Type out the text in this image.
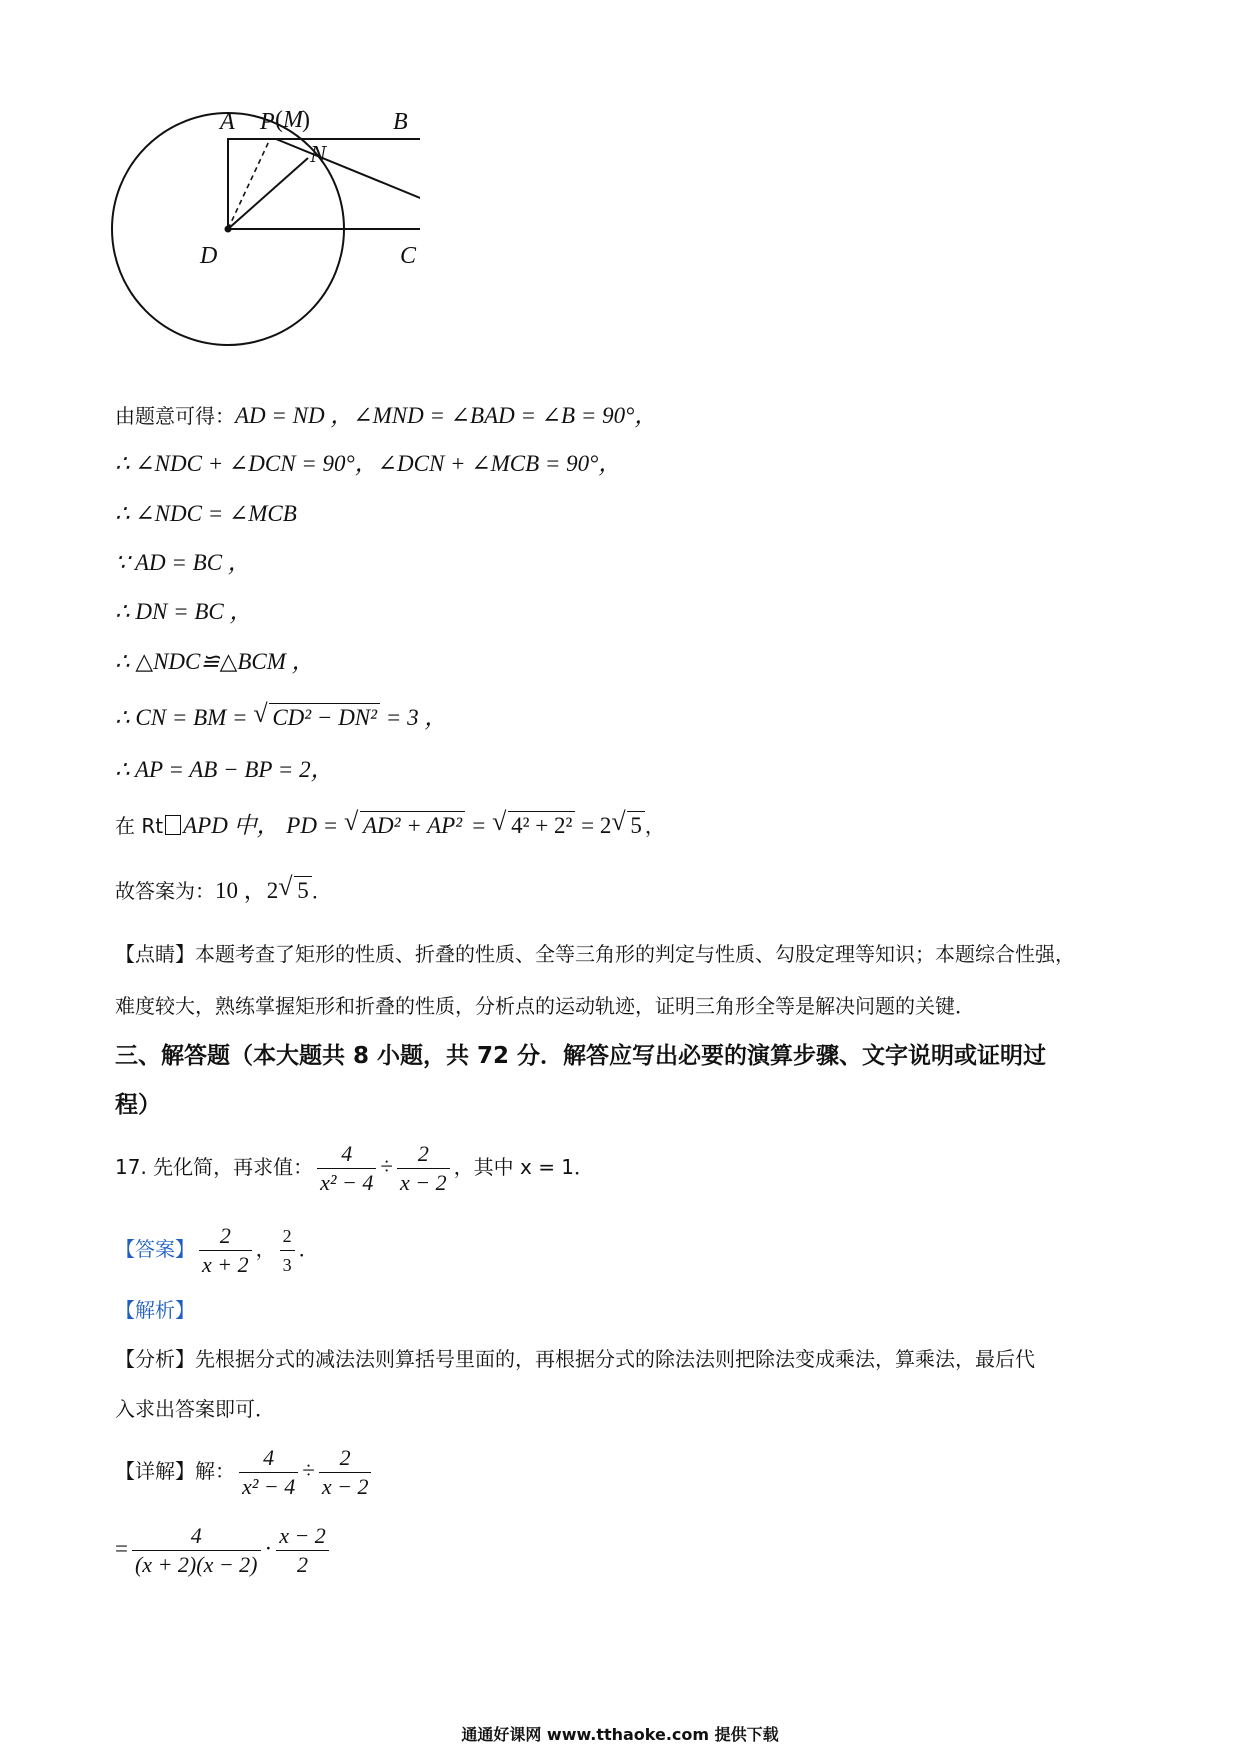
A P ( M )	B
N
D	C
由题意可得：AD = ND ，∠MND = ∠BAD = ∠B = 90°，
∴ ∠NDC + ∠DCN = 90°，∠DCN + ∠MCB = 90°，
∴ ∠NDC = ∠MCB
∵ AD = BC ，
∴ DN = BC ，
∴ △NDC≌△BCM ，
∴ CN = BM = √ CD² − DN² = 3 ，
∴ AP = AB − BP = 2，
在 Rt APD 中， PD = √ AD² + AP² = √ 4² + 2² = 2 √ 5 ，
故答案为：10 ，2 √ 5 ．
【点睛】本题考查了矩形的性质、折叠的性质、全等三角形的判定与性质、勾股定理等知识；本题综合性强，
难度较大，熟练掌握矩形和折叠的性质，分析点的运动轨迹，证明三角形全等是解决问题的关键．
三、解答题（本大题共 8 小题，共 72 分．解答应写出必要的演算步骤、文字说明或证明过
程）
17. 先化简，再求值： $\frac{4}{\text{x² − 4}} \div \frac{2}{x - 2}$ ，其中 x = 1．
【答案】 $\frac{2}{x + 2}$ ， $\frac{2}{3}$ ．
【解析】
【分析】先根据分式的减法法则算括号里面的，再根据分式的除法法则把除法变成乘法，算乘法，最后代
入求出答案即可．
【详解】解： $\frac{4}{\text{x² − 4}} \div \frac{2}{x - 2}$
= $\frac{4}{(x + 2)(x - 2)} \cdot \frac{x - 2}{2}$
通通好课网 www.tthaoke.com 提供下载
